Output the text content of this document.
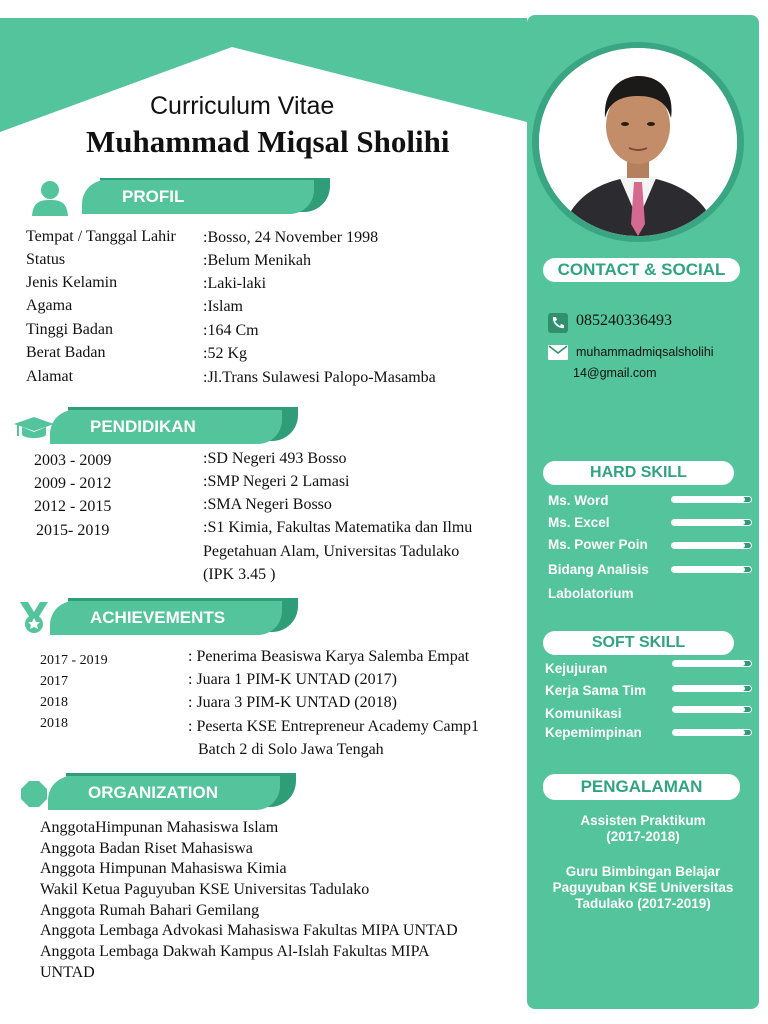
Curriculum Vitae
Muhammad Miqsal Sholihi
PROFIL
Tempat / Tanggal Lahir :Bosso, 24 November 1998
Status	:Belum Menikah
Jenis Kelamin	:Laki-laki
Agama	:Islam
Tinggi Badan	:164 Cm
Berat Badan	:52 Kg
Alamat	:Jl.Trans Sulawesi Palopo-Masamba
PENDIDIKAN
2003 - 2009	:SD Negeri 493 Bosso
2009 - 2012	:SMP Negeri 2 Lamasi
2012 - 2015	:SMA Negeri Bosso
2015- 2019	:S1 Kimia, Fakultas Matematika dan Ilmu
Pegetahuan Alam, Universitas Tadulako
(IPK 3.45 )
ACHIEVEMENTS
2017 - 2019	: Penerima Beasiswa Karya Salemba Empat
2017	: Juara 1 PIM-K UNTAD (2017)
2018	: Juara 3 PIM-K UNTAD (2018)
2018	: Peserta KSE Entrepreneur Academy Camp1
Batch 2 di Solo Jawa Tengah
ORGANIZATION
AnggotaHimpunan Mahasiswa Islam
Anggota Badan Riset Mahasiswa
Anggota Himpunan Mahasiswa Kimia
Wakil Ketua Paguyuban KSE Universitas Tadulako
Anggota Rumah Bahari Gemilang
Anggota Lembaga Advokasi Mahasiswa Fakultas MIPA UNTAD
Anggota Lembaga Dakwah Kampus Al-Islah Fakultas MIPA
UNTAD
CONTACT & SOCIAL
085240336493
muhammadmiqsalsholihi
14@gmail.com
HARD SKILL
Ms. Word
Ms. Excel
Ms. Power Poin
Bidang Analisis
Labolatorium
SOFT SKILL
Kejujuran
Kerja Sama Tim
Komunikasi
Kepemimpinan
PENGALAMAN
Assisten Praktikum
(2017-2018)
Guru Bimbingan Belajar
Paguyuban KSE Universitas
Tadulako (2017-2019)
